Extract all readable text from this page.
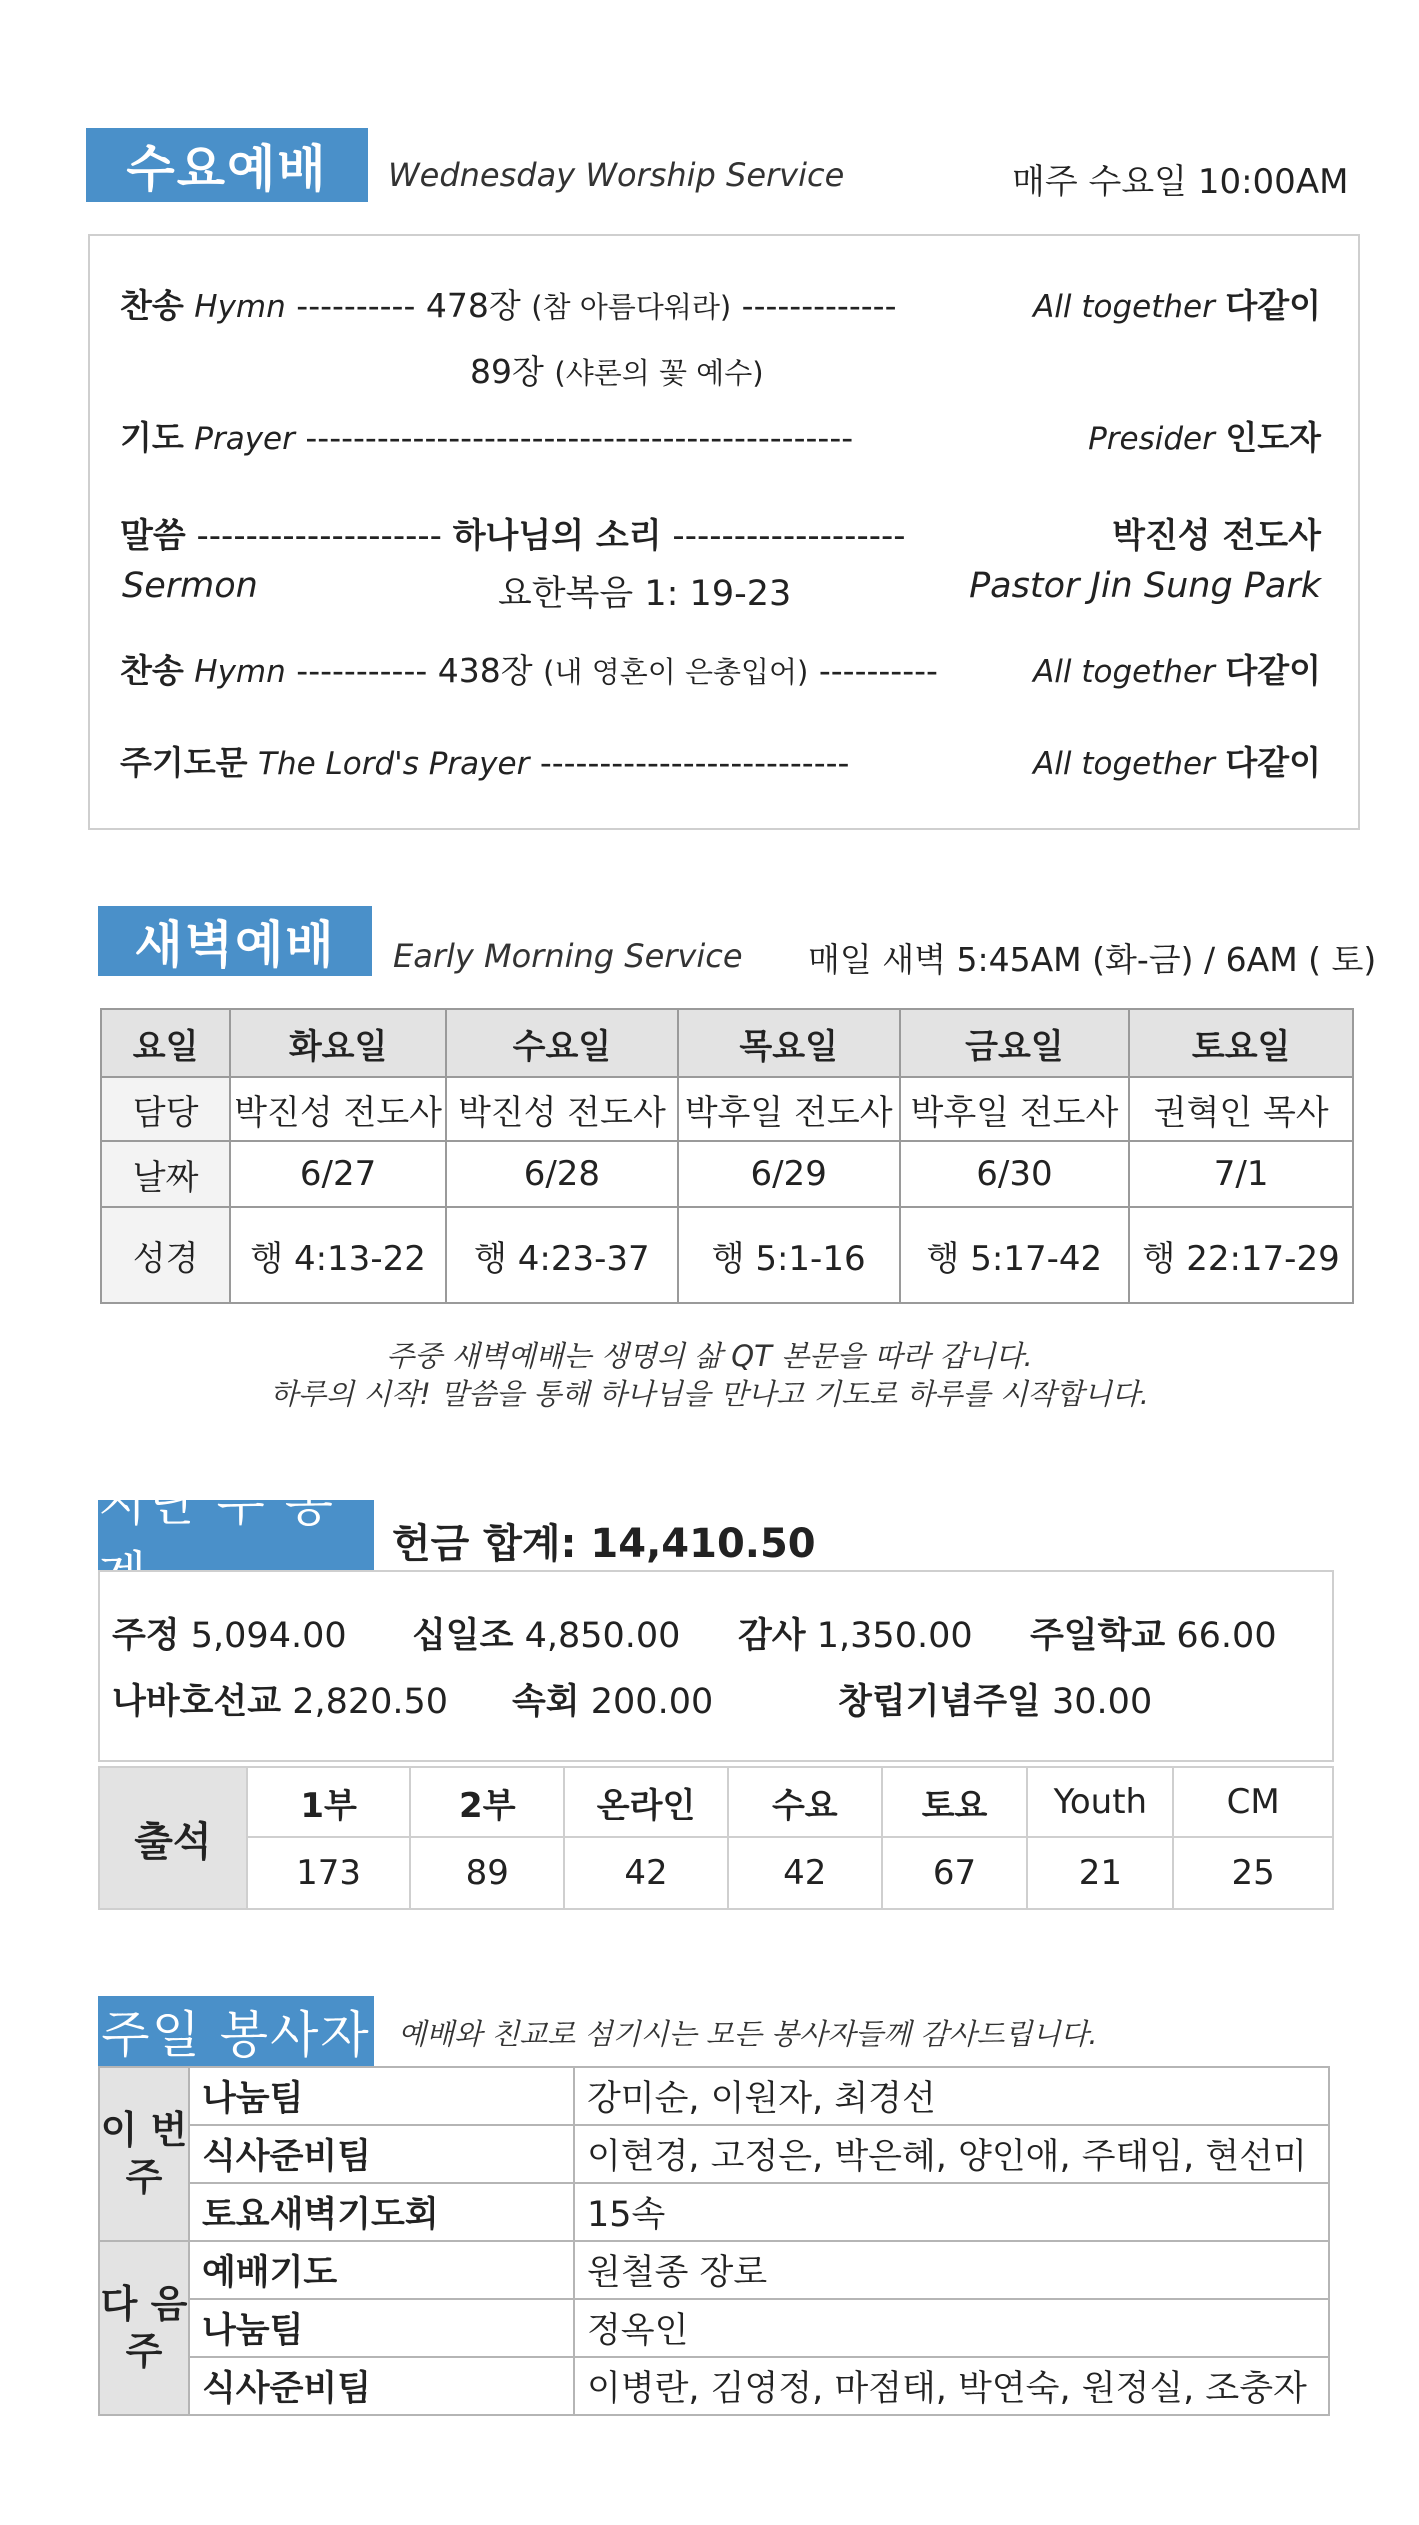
수요예배	Wednesday Worship Service	매주 수요일 10:00AM
찬송 Hymn ---------- 478장 (참 아름다워라) -------------	All together 다같이
89장 (샤론의 꽃 예수)
기도 Prayer ----------------------------------------------	Presider 인도자
말씀 -------------------- 하나님의 소리 -------------------	박진성 전도사
Sermon	요한복음 1: 19-23	Pastor Jin Sung Park
찬송 Hymn ----------- 438장 (내 영혼이 은총입어) ----------	All together 다같이
주기도문 The Lord's Prayer --------------------------	All together 다같이
새벽예배	Early Morning Service 매일 새벽 5:45AM (화-금) / 6AM ( 토)
요일	화요일	수요일	목요일	금요일	토요일
담당	박진성 전도사	박진성 전도사	박후일 전도사	박후일 전도사	권혁인 목사
날짜	6/27	6/28	6/29	6/30	7/1
성경	행 4:13-22	행 4:23-37	행 5:1-16	행 5:17-42	행 22:17-29
주중 새벽예배는 생명의 삶 QT 본문을 따라 갑니다.
하루의 시작! 말씀을 통해 하나님을 만나고 기도로 하루를 시작합니다.
지난 주 통계
헌금 합계: 14,410.50
주정 5,094.00 십일조 4,850.00 감사 1,350.00 주일학교 66.00
나바호선교 2,820.50 속회 200.00	창립기념주일 30.00
출석	1부	2부	온라인	수요	토요	Youth	CM
	173	89	42	42	67	21	25
주일 봉사자 예배와 친교로 섬기시는 모든 봉사자들께 감사드립니다.
이 번 주	나눔팀	강미순, 이원자, 최경선
	식사준비팀	이현경, 고정은, 박은혜, 양인애, 주태임, 현선미
	토요새벽기도회	15속
다 음 주	예배기도	원철종 장로
	나눔팀	정옥인
	식사준비팀	이병란, 김영정, 마점태, 박연숙, 원정실, 조충자
